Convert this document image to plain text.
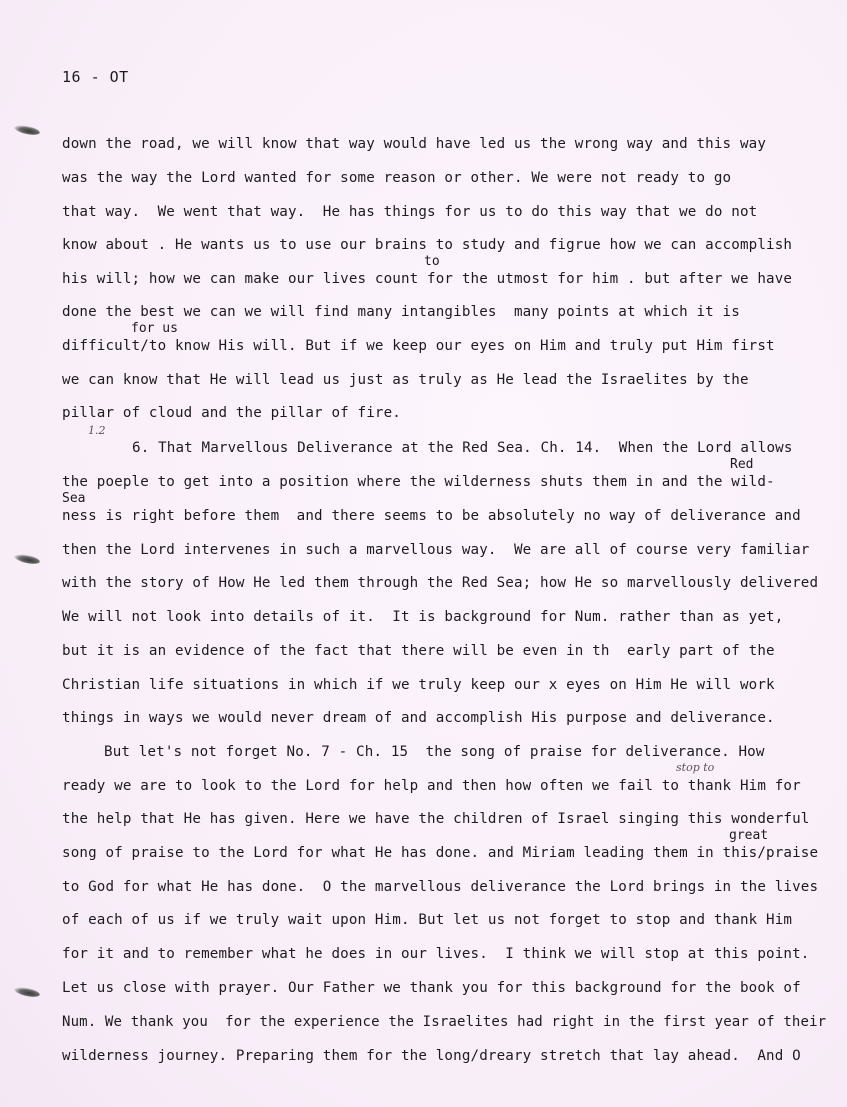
16 - OT
down the road, we will know that way would have led us the wrong way and this way
was the way the Lord wanted for some reason or other. We were not ready to go
that way.  We went that way.  He has things for us to do this way that we do not
know about . He wants us to use our brains to study and figrue how we can accomplish
to
his will; how we can make our lives count for the utmost for him . but after we have
done the best we can we will find many intangibles  many points at which it is
for us
difficult/to know His will. But if we keep our eyes on Him and truly put Him first
we can know that He will lead us just as truly as He lead the Israelites by the
pillar of cloud and the pillar of fire.
1.2
6. That Marvellous Deliverance at the Red Sea. Ch. 14.  When the Lord allows
Red
the poeple to get into a position where the wilderness shuts them in and the wild-
Sea
ness is right before them  and there seems to be absolutely no way of deliverance and
then the Lord intervenes in such a marvellous way.  We are all of course very familiar
with the story of How He led them through the Red Sea; how He so marvellously delivered
We will not look into details of it.  It is background for Num. rather than as yet,
but it is an evidence of the fact that there will be even in th  early part of the
Christian life situations in which if we truly keep our x eyes on Him He will work
things in ways we would never dream of and accomplish His purpose and deliverance.
But let's not forget No. 7 - Ch. 15  the song of praise for deliverance. How
stop to
ready we are to look to the Lord for help and then how often we fail to thank Him for
the help that He has given. Here we have the children of Israel singing this wonderful
great
song of praise to the Lord for what He has done. and Miriam leading them in this/praise
to God for what He has done.  O the marvellous deliverance the Lord brings in the lives
of each of us if we truly wait upon Him. But let us not forget to stop and thank Him
for it and to remember what he does in our lives.  I think we will stop at this point.
Let us close with prayer. Our Father we thank you for this background for the book of
Num. We thank you  for the experience the Israelites had right in the first year of their
wilderness journey. Preparing them for the long/dreary stretch that lay ahead.  And O
